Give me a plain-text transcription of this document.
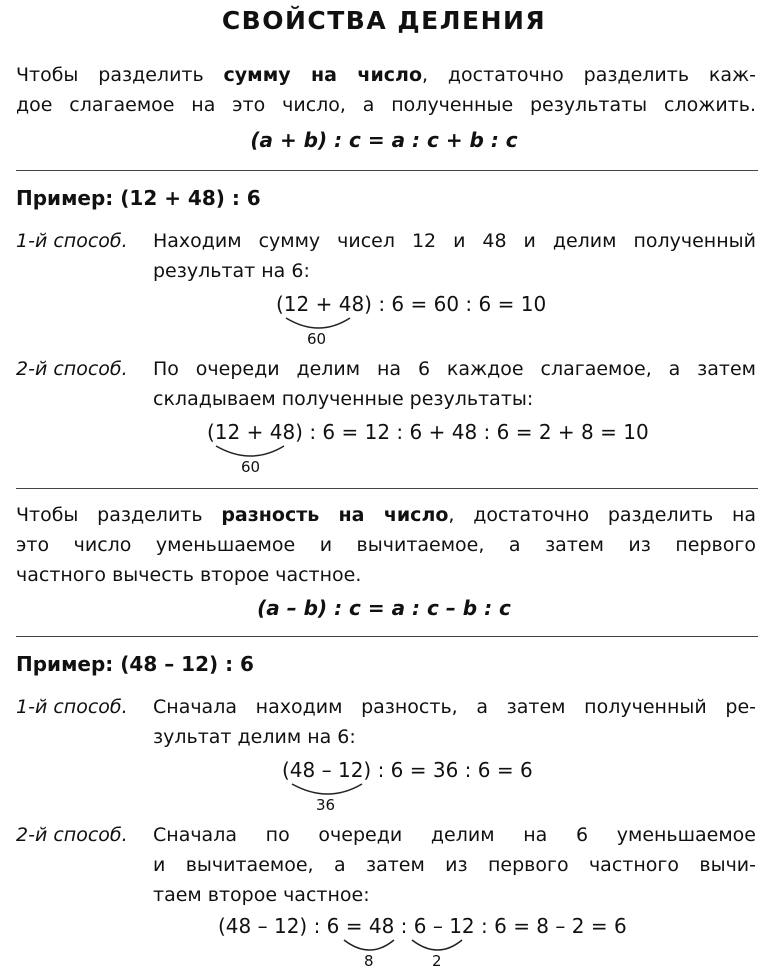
СВОЙСТВА ДЕЛЕНИЯ
Чтобы разделить сумму на число, достаточно разделить каж-
дое слагаемое на это число, а полученные результаты сложить.
(a + b) : c = a : c + b : c
Пример: (12 + 48) : 6
1-й способ. Находим сумму чисел 12 и 48 и делим полученный
результат на 6:
(12 + 48) : 6 = 60 : 6 = 10
60
2-й способ. По очереди делим на 6 каждое слагаемое, а затем
складываем полученные результаты:
(12 + 48) : 6 = 12 : 6 + 48 : 6 = 2 + 8 = 10
60
Чтобы разделить разность на число, достаточно разделить на
это число уменьшаемое и вычитаемое, а затем из первого
частного вычесть второе частное.
(a – b) : c = a : c – b : c
Пример: (48 – 12) : 6
1-й способ. Сначала находим разность, а затем полученный ре-
зультат делим на 6:
(48 – 12) : 6 = 36 : 6 = 6
36
2-й способ. Сначала по очереди делим на 6 уменьшаемое
и вычитаемое, а затем из первого частного вычи-
таем второе частное:
(48 – 12) : 6 = 48 : 6 – 12 : 6 = 8 – 2 = 6
8	2
